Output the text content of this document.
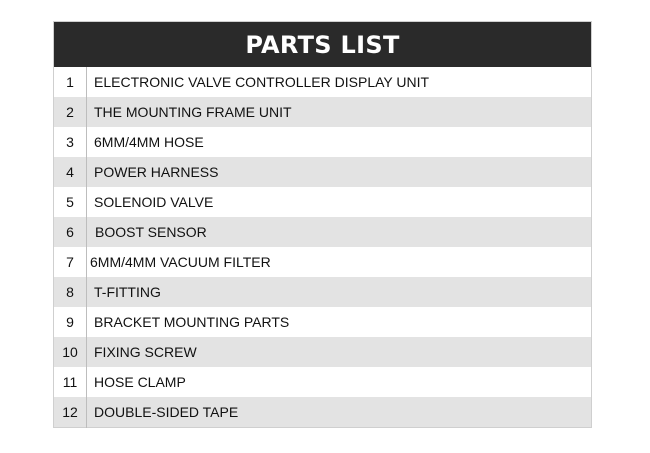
PARTS LIST	
1	ELECTRONIC VALVE CONTROLLER DISPLAY UNIT
2	THE MOUNTING FRAME UNIT
3	6MM/4MM HOSE
4	POWER HARNESS
5	SOLENOID VALVE
6	BOOST SENSOR
7	6MM/4MM VACUUM FILTER
8	T-FITTING
9	BRACKET MOUNTING PARTS
10	FIXING SCREW
11	HOSE CLAMP
12	DOUBLE-SIDED TAPE
